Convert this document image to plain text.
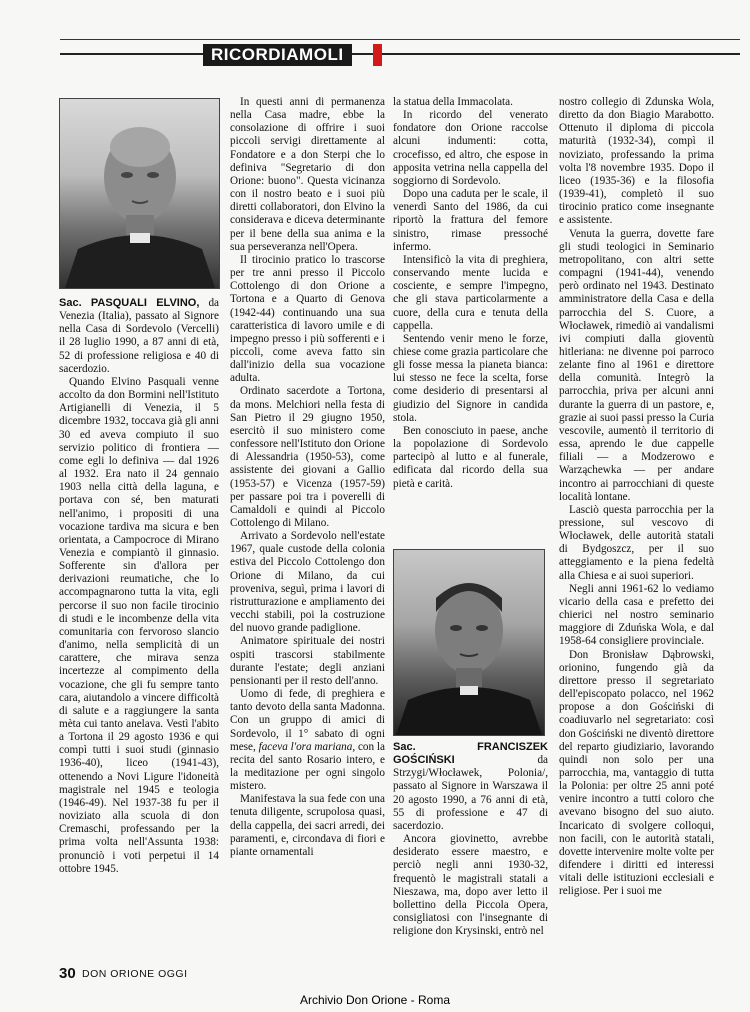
RICORDIAMOLI
Sac. PASQUALI ELVINO, da Venezia (Italia), passato al Signore nella Casa di Sordevolo (Vercelli) il 28 luglio 1990, a 87 anni di età, 52 di professione religiosa e 40 di sacerdozio.

Quando Elvino Pasquali venne accolto da don Bormini nell'Istituto Artigianelli di Venezia, il 5 dicembre 1932, toccava già gli anni 30 ed aveva compiuto il suo servizio politico di frontiera — come egli lo definiva — dal 1926 al 1932. Era nato il 24 gennaio 1903 nella città della laguna, e portava con sé, ben maturati nell'animo, i propositi di una vocazione tardiva ma sicura e ben orientata, a Campocroce di Mirano Venezia e compiantò il ginnasio. Sofferente sin d'allora per derivazioni reumatiche, che lo accompagnarono tutta la vita, egli percorse il suo non facile tirocinio di studi e le incombenze della vita comunitaria con fervoroso slancio d'animo, nella semplicità di un carattere, che mirava senza incertezze al compimento della vocazione, che gli fu sempre tanto cara, aiutandolo a vincere difficoltà di salute e a raggiungere la santa mèta cui tanto anelava. Vestì l'abito a Tortona il 29 agosto 1936 e qui compì tutti i suoi studi (ginnasio 1936-40), liceo (1941-43), ottenendo a Novi Ligure l'idoneità magistrale nel 1945 e teologia (1946-49). Nel 1937-38 fu per il noviziato alla scuola di don Cremaschi, professando per la prima volta nell'Assunta 1938: pronunciò i voti perpetui il 14 ottobre 1945.

In questi anni di permanenza nella Casa madre, ebbe la consolazione di offrire i suoi piccoli servigi direttamente al Fondatore e a don Sterpi che lo definiva "Segretario di don Orione: buono". Questa vicinanza con il nostro beato e i suoi più diretti collaboratori, don Elvino la considerava e diceva determinante per il bene della sua anima e la sua perseveranza nell'Opera.

Il tirocinio pratico lo trascorse per tre anni presso il Piccolo Cottolengo di don Orione a Tortona e a Quarto di Genova (1942-44) continuando una sua caratteristica di lavoro umile e di impegno presso i più sofferenti e i piccoli, come aveva fatto sin dall'inizio della sua vocazione adulta.

Ordinato sacerdote a Tortona, da mons. Melchiori nella festa di San Pietro il 29 giugno 1950, esercitò il suo ministero come confessore nell'Istituto don Orione di Alessandria (1950-53), come assistente dei giovani a Gallio (1953-57) e Vicenza (1957-59) per passare poi tra i poverelli di Camaldoli e quindi al Piccolo Cottolengo di Milano.

Arrivato a Sordevolo nell'estate 1967, quale custode della colonia estiva del Piccolo Cottolengo don Orione di Milano, da cui proveniva, seguì, prima i lavori di ristrutturazione e ampliamento dei vecchi stabili, poi la costruzione del nuovo grande padiglione.

Animatore spirituale dei nostri ospiti trascorsi stabilmente durante l'estate; degli anziani pensionanti per il resto dell'anno.

Uomo di fede, di preghiera e tanto devoto della santa Madonna. Con un gruppo di amici di Sordevolo, il 1° sabato di ogni mese, faceva l'ora mariana, con la recita del santo Rosario intero, e la meditazione per ogni singolo mistero.

Manifestava la sua fede con una tenuta diligente, scrupolosa quasi, della cappella, dei sacri arredi, dei paramenti, e, circondava di fiori e piante ornamentali

la statua della Immacolata.

In ricordo del venerato fondatore don Orione raccolse alcuni indumenti: cotta, crocefisso, ed altro, che espose in apposita vetrina nella cappella del soggiorno di Sordevolo.

Dopo una caduta per le scale, il venerdì Santo del 1986, da cui riportò la frattura del femore sinistro, rimase pressoché infermo.

Intensificò la vita di preghiera, conservando mente lucida e cosciente, e sempre l'impegno, che gli stava particolarmente a cuore, della cura e tenuta della cappella.

Sentendo venir meno le forze, chiese come grazia particolare che gli fosse messa la pianeta bianca: lui stesso ne fece la scelta, forse come desiderio di presentarsi al giudizio del Signore in candida stola.

Ben conosciuto in paese, anche la popolazione di Sordevolo partecipò al lutto e al funerale, edificata dal ricordo della sua pietà e carità.

Sac. FRANCISZEK GOŚCIŃSKI da Strzygi/Włocławek, Polonia/, passato al Signore in Warszawa il 20 agosto 1990, a 76 anni di età, 55 di professione e 47 di sacerdozio.

Ancora giovinetto, avrebbe desiderato essere maestro, e perciò negli anni 1930-32, frequentò le magistrali statali a Nieszawa, ma, dopo aver letto il bollettino della Piccola Opera, consigliatosi con l'insegnante di religione don Krysinski, entrò nel

nostro collegio di Zdunska Wola, diretto da don Biagio Marabotto. Ottenuto il diploma di piccola maturità (1932-34), compì il noviziato, professando la prima volta l'8 novembre 1935. Dopo il liceo (1935-36) e la filosofia (1939-41), completò il suo tirocinio pratico come insegnante e assistente.

Venuta la guerra, dovette fare gli studi teologici in Seminario metropolitano, con altri sette compagni (1941-44), venendo però ordinato nel 1943. Destinato amministratore della Casa e della parrocchia del S. Cuore, a Włocławek, rimediò ai vandalismi ivi compiuti dalla gioventù hitleriana: ne divenne poi parroco zelante fino al 1961 e direttore della comunità. Integrò la parrocchia, priva per alcuni anni durante la guerra di un pastore, e, grazie ai suoi passi presso la Curia vescovile, aumentò il territorio di essa, aprendo le due cappelle filiali — a Modzerowo e Warząchewka — per andare incontro ai parrocchiani di queste località lontane.

Lasciò questa parrocchia per la pressione, sul vescovo di Włocławek, delle autorità statali di Bydgoszcz, per il suo atteggiamento e la piena fedeltà alla Chiesa e ai suoi superiori.

Negli anni 1961-62 lo vediamo vicario della casa e prefetto dei chierici nel nostro seminario maggiore di Zduńska Wola, e dal 1958-64 consigliere provinciale.

Don Bronisław Dąbrowski, orionino, fungendo già da direttore presso il segretariato dell'episcopato polacco, nel 1962 propose a don Gościński di coadiuvarlo nel segretariato: così don Gościński ne diventò direttore del reparto giudiziario, lavorando quindi non solo per una parrocchia, ma, vantaggio di tutta la Polonia: per oltre 25 anni poté venire incontro a tutti coloro che avevano bisogno del suo aiuto. Incaricato di svolgere colloqui, non facili, con le autorità statali, dovette intervenire molte volte per difendere i diritti ed interessi vitali delle istituzioni ecclesiali e religiose. Per i suoi me

30 DON ORIONE OGGI
Archivio Don Orione - Roma
